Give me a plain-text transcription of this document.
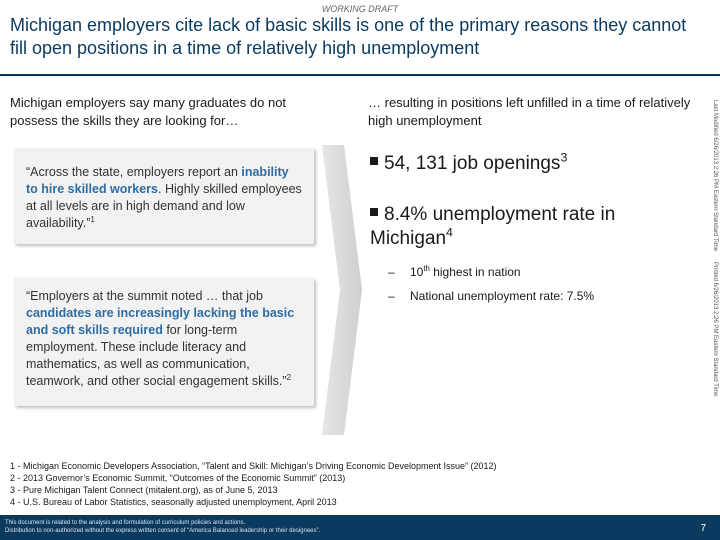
WORKING DRAFT
Michigan employers cite lack of basic skills is one of the primary reasons they cannot fill open positions in a time of relatively high unemployment
Michigan employers say many graduates do not possess the skills they are looking for…
… resulting in positions left unfilled in a time of relatively high unemployment
“Across the state, employers report an inability to hire skilled workers. Highly skilled employees at all levels are in high demand and low availability.”$^1$
“Employers at the summit noted … that job candidates are increasingly lacking the basic and soft skills required for long-term employment. These include literacy and mathematics, as well as communication, teamwork, and other social engagement skills.”$^2$
54, 131 job openings$^3$
8.4% unemployment rate in Michigan$^4$
– 10th highest in nation
– National unemployment rate: 7.5%
Last Modified 6/26/2013 2:26 PM Eastern Standard Time
Printed 6/26/2013 2:26 PM Eastern Standard Time
1 - Michigan Economic Developers Association, “Talent and Skill: Michigan’s Driving Economic Development Issue” (2012)
2 - 2013 Governor’s Economic Summit, “Outcomes of the Economic Summit” (2013)
3 - Pure Michigan Talent Connect (mitalent.org), as of June 5, 2013
4 - U.S. Bureau of Labor Statistics, seasonally adjusted unemployment, April 2013
This document is related to the analysis and formulation of curriculum policies and actions.
Distribution to non-authorized without the express written consent of “America Balanced leadership or their designees”.	7
